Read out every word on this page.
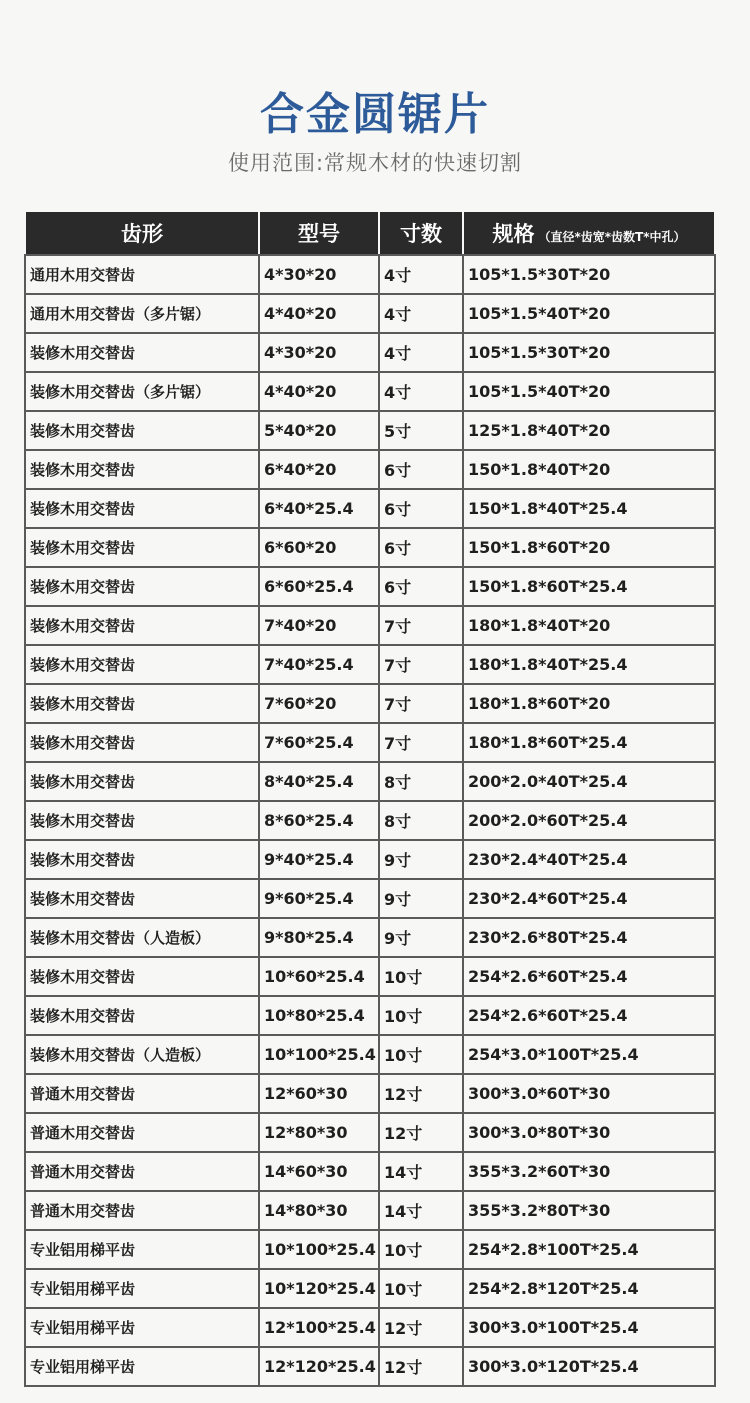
合金圆锯片
使用范围:常规木材的快速切割
齿形	型号	寸数	规格 （直径*齿宽*齿数T*中孔）
通用木用交替齿	4*30*20	4寸	105*1.5*30T*20
通用木用交替齿（多片锯）	4*40*20	4寸	105*1.5*40T*20
装修木用交替齿	4*30*20	4寸	105*1.5*30T*20
装修木用交替齿（多片锯）	4*40*20	4寸	105*1.5*40T*20
装修木用交替齿	5*40*20	5寸	125*1.8*40T*20
装修木用交替齿	6*40*20	6寸	150*1.8*40T*20
装修木用交替齿	6*40*25.4	6寸	150*1.8*40T*25.4
装修木用交替齿	6*60*20	6寸	150*1.8*60T*20
装修木用交替齿	6*60*25.4	6寸	150*1.8*60T*25.4
装修木用交替齿	7*40*20	7寸	180*1.8*40T*20
装修木用交替齿	7*40*25.4	7寸	180*1.8*40T*25.4
装修木用交替齿	7*60*20	7寸	180*1.8*60T*20
装修木用交替齿	7*60*25.4	7寸	180*1.8*60T*25.4
装修木用交替齿	8*40*25.4	8寸	200*2.0*40T*25.4
装修木用交替齿	8*60*25.4	8寸	200*2.0*60T*25.4
装修木用交替齿	9*40*25.4	9寸	230*2.4*40T*25.4
装修木用交替齿	9*60*25.4	9寸	230*2.4*60T*25.4
装修木用交替齿（人造板）	9*80*25.4	9寸	230*2.6*80T*25.4
装修木用交替齿	10*60*25.4	10寸	254*2.6*60T*25.4
装修木用交替齿	10*80*25.4	10寸	254*2.6*60T*25.4
装修木用交替齿（人造板）	10*100*25.4	10寸	254*3.0*100T*25.4
普通木用交替齿	12*60*30	12寸	300*3.0*60T*30
普通木用交替齿	12*80*30	12寸	300*3.0*80T*30
普通木用交替齿	14*60*30	14寸	355*3.2*60T*30
普通木用交替齿	14*80*30	14寸	355*3.2*80T*30
专业铝用梯平齿	10*100*25.4	10寸	254*2.8*100T*25.4
专业铝用梯平齿	10*120*25.4	10寸	254*2.8*120T*25.4
专业铝用梯平齿	12*100*25.4	12寸	300*3.0*100T*25.4
专业铝用梯平齿	12*120*25.4	12寸	300*3.0*120T*25.4
